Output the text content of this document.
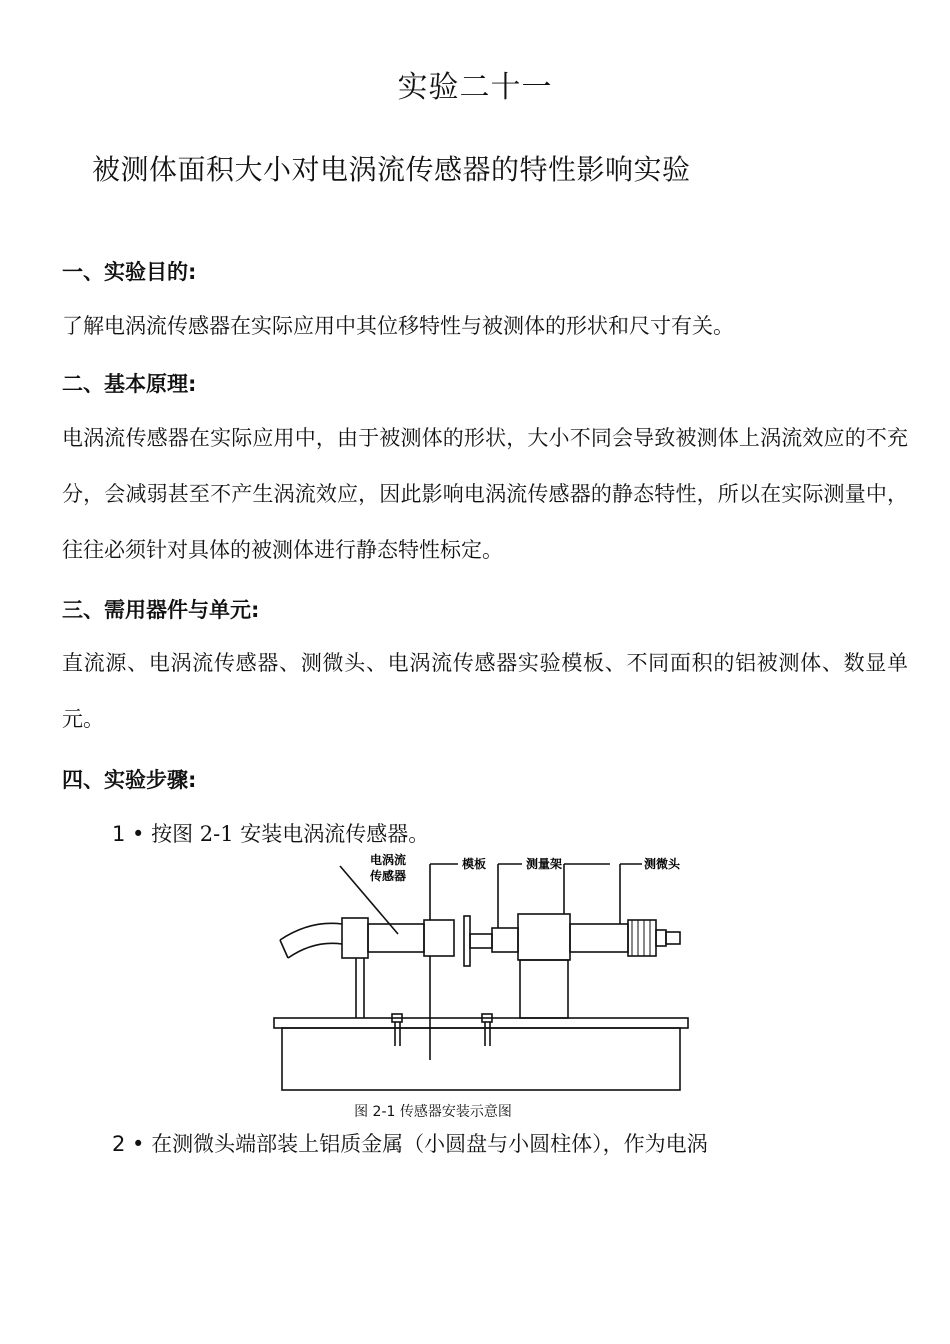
实验二十一
被测体面积大小对电涡流传感器的特性影响实验
一、实验目的:
了解电涡流传感器在实际应用中其位移特性与被测体的形状和尺寸有关。
二、基本原理:
电涡流传感器在实际应用中，由于被测体的形状，大小不同会导致被测体上涡流效应的不充分，会减弱甚至不产生涡流效应，因此影响电涡流传感器的静态特性，所以在实际测量中，往往必须针对具体的被测体进行静态特性标定。
三、需用器件与单元:
直流源、电涡流传感器、测微头、电涡流传感器实验模板、不同面积的铝被测体、数显单元。
四、实验步骤:
1 • 按图 2-1 安装电涡流传感器。
电涡流
传感器
模板	测量架	测微头
图 2-1 传感器安装示意图
2 • 在测微头端部装上铝质金属（小圆盘与小圆柱体），作为电涡
